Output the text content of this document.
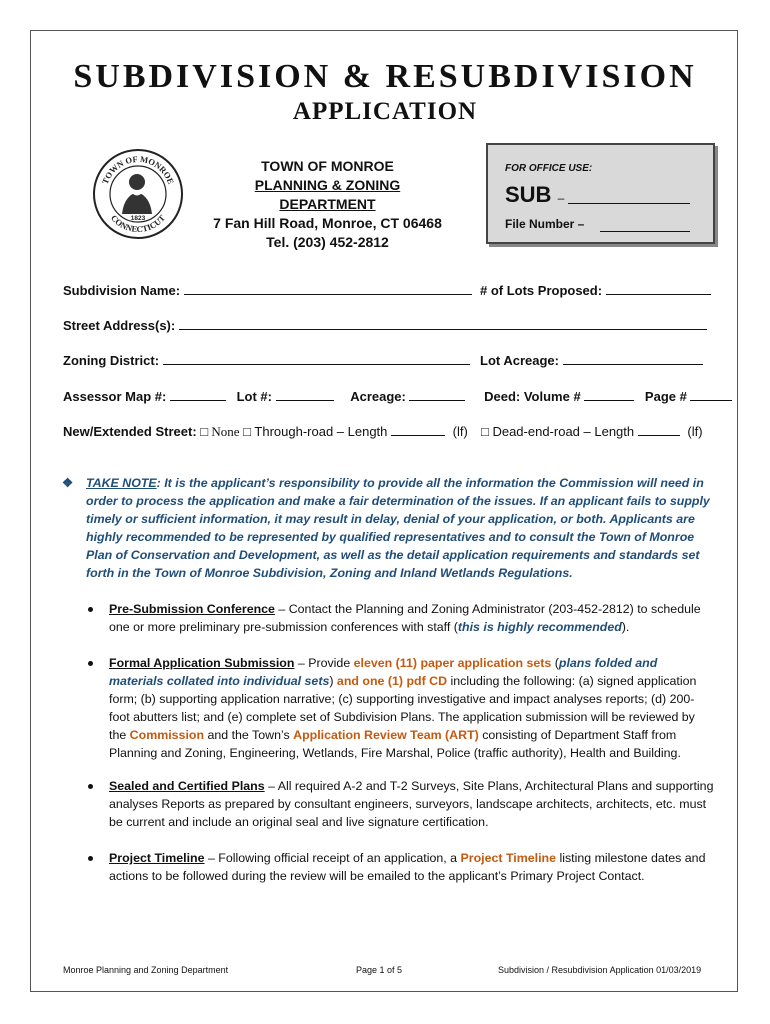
SUBDIVISION & RESUBDIVISION
APPLICATION
TOWN OF MONROE
CONNECTICUT
1823
TOWN OF MONROE
PLANNING & ZONING DEPARTMENT
7 Fan Hill Road, Monroe, CT 06468
Tel. (203) 452-2812
FOR OFFICE USE:
SUB –
File Number –
Subdivision Name:	# of Lots Proposed:
Street Address(s):
Zoning District:	Lot Acreage:
Assessor Map #:	Lot #:	Acreage:	Deed: Volume #	Page #
New/Extended Street: □ None □ Through-road – Length	(lf) □ Dead-end-road – Length	(lf)
❖ TAKE NOTE: It is the applicant’s responsibility to provide all the information the Commission will need in order to process the application and make a fair determination of the issues. If an applicant fails to supply timely or sufficient information, it may result in delay, denial of your application, or both. Applicants are highly recommended to be represented by qualified representatives and to consult the Town of Monroe Plan of Conservation and Development, as well as the detail application requirements and standards set forth in the Town of Monroe Subdivision, Zoning and Inland Wetlands Regulations.
Pre-Submission Conference – Contact the Planning and Zoning Administrator (203-452-2812) to schedule one or more preliminary pre-submission conferences with staff (this is highly recommended).
Formal Application Submission – Provide eleven (11) paper application sets (plans folded and materials collated into individual sets) and one (1) pdf CD including the following: (a) signed application form; (b) supporting application narrative; (c) supporting investigative and impact analyses reports; (d) 200-foot abutters list; and (e) complete set of Subdivision Plans. The application submission will be reviewed by the Commission and the Town’s Application Review Team (ART) consisting of Department Staff from Planning and Zoning, Engineering, Wetlands, Fire Marshal, Police (traffic authority), Health and Building.
Sealed and Certified Plans – All required A-2 and T-2 Surveys, Site Plans, Architectural Plans and supporting analyses Reports as prepared by consultant engineers, surveyors, landscape architects, architects, etc. must be current and include an original seal and live signature certification.
Project Timeline – Following official receipt of an application, a Project Timeline listing milestone dates and actions to be followed during the review will be emailed to the applicant’s Primary Project Contact.
Monroe Planning and Zoning Department	Page 1 of 5	Subdivision / Resubdivision Application 01/03/2019
